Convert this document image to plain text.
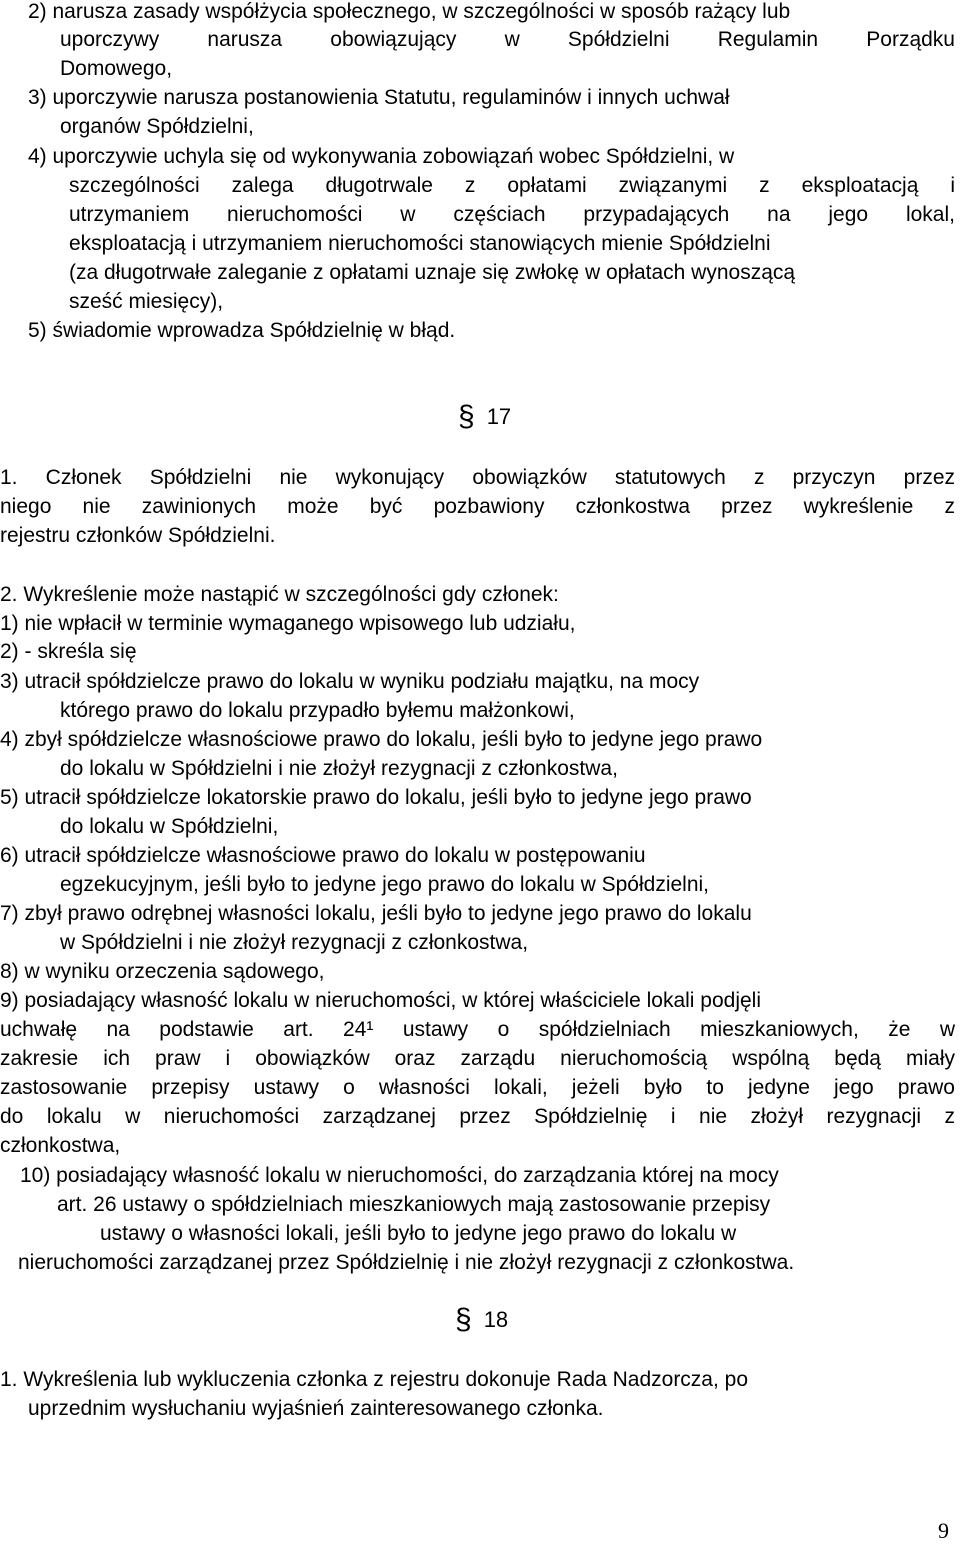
2) narusza zasady współżycia społecznego, w szczególności w sposób rażący lub
uporczywy narusza obowiązujący w Spółdzielni Regulamin Porządku
Domowego,
3) uporczywie narusza postanowienia Statutu, regulaminów i innych uchwał
organów Spółdzielni,
4) uporczywie uchyla się od wykonywania zobowiązań wobec Spółdzielni, w
szczególności zalega długotrwale z opłatami związanymi z eksploatacją i
utrzymaniem nieruchomości w częściach przypadających na jego lokal,
eksploatacją i utrzymaniem nieruchomości stanowiących mienie Spółdzielni
(za długotrwałe zaleganie z opłatami uznaje się zwłokę w opłatach wynoszącą
sześć miesięcy),
5) świadomie wprowadza Spółdzielnię w błąd.
§ 17
1. Członek Spółdzielni nie wykonujący obowiązków statutowych z przyczyn przez
niego nie zawinionych może być pozbawiony członkostwa przez wykreślenie z
rejestru członków Spółdzielni.
2. Wykreślenie może nastąpić w szczególności gdy członek:
1) nie wpłacił w terminie wymaganego wpisowego lub udziału,
2) - skreśla się
3) utracił spółdzielcze prawo do lokalu w wyniku podziału majątku, na mocy
którego prawo do lokalu przypadło byłemu małżonkowi,
4) zbył spółdzielcze własnościowe prawo do lokalu, jeśli było to jedyne jego prawo
do lokalu w Spółdzielni i nie złożył rezygnacji z członkostwa,
5) utracił spółdzielcze lokatorskie prawo do lokalu, jeśli było to jedyne jego prawo
do lokalu w Spółdzielni,
6) utracił spółdzielcze własnościowe prawo do lokalu w postępowaniu
egzekucyjnym, jeśli było to jedyne jego prawo do lokalu w Spółdzielni,
7) zbył prawo odrębnej własności lokalu, jeśli było to jedyne jego prawo do lokalu
w Spółdzielni i nie złożył rezygnacji z członkostwa,
8) w wyniku orzeczenia sądowego,
9) posiadający własność lokalu w nieruchomości, w której właściciele lokali podjęli
uchwałę na podstawie art. 24¹ ustawy o spółdzielniach mieszkaniowych, że w
zakresie ich praw i obowiązków oraz zarządu nieruchomością wspólną będą miały
zastosowanie przepisy ustawy o własności lokali, jeżeli było to jedyne jego prawo
do lokalu w nieruchomości zarządzanej przez Spółdzielnię i nie złożył rezygnacji z
członkostwa,
10) posiadający własność lokalu w nieruchomości, do zarządzania której na mocy
art. 26 ustawy o spółdzielniach mieszkaniowych mają zastosowanie przepisy
ustawy o własności lokali, jeśli było to jedyne jego prawo do lokalu w
nieruchomości zarządzanej przez Spółdzielnię i nie złożył rezygnacji z członkostwa.
§ 18
1. Wykreślenia lub wykluczenia członka z rejestru dokonuje Rada Nadzorcza, po
uprzednim wysłuchaniu wyjaśnień zainteresowanego członka.
9
